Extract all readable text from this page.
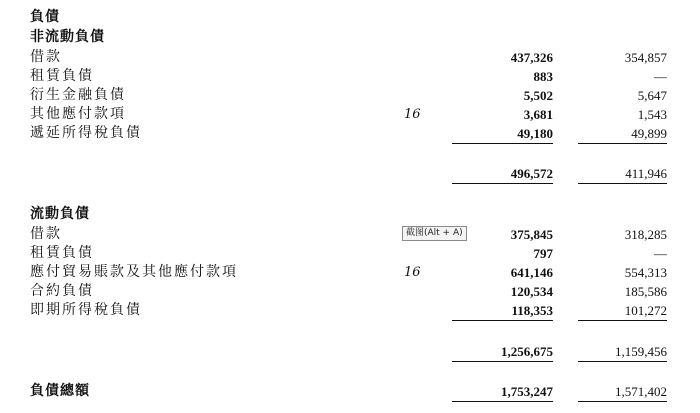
負債
非流動負債
借款	437,326	354,857
租賃負債	883	—
衍生金融負債	5,502	5,647
其他應付款項	16	3,681	1,543
遞延所得稅負債	49,180	49,899
496,572	411,946
流動負債
借款	375,845	318,285
租賃負債	797	—
應付貿易賬款及其他應付款項	16	641,146	554,313
合約負債	120,534	185,586
即期所得稅負債	118,353	101,272
1,256,675	1,159,456
負債總額	1,753,247	1,571,402
截图(Alt + A)
